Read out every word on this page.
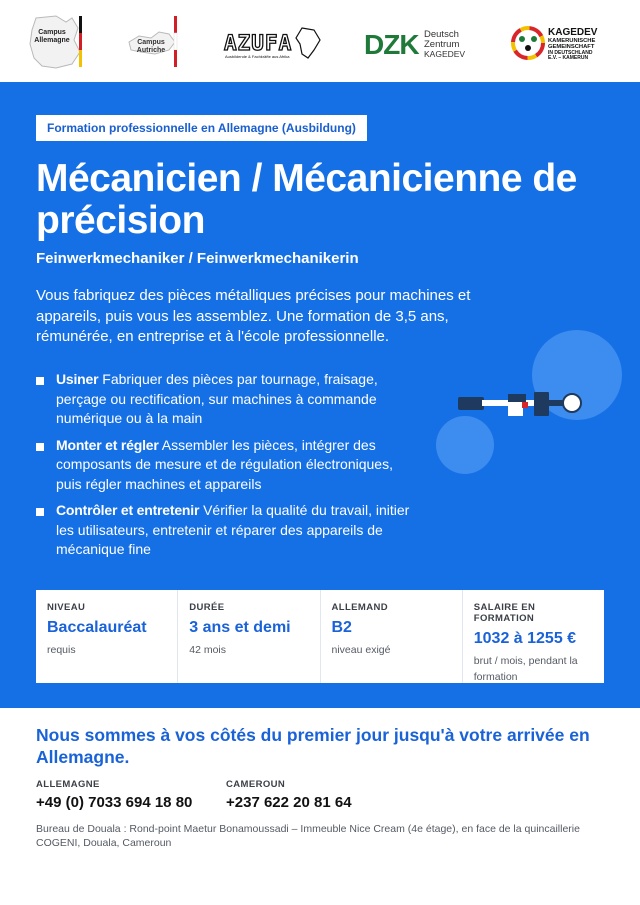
Campus
Allemagne	Campus
Autriche	AZUFA
Ausbildende & Fachkräfte aus Afrika	DZK Deutsch
Zentrum
KAGEDEV
KAGEDEV
KAMERUNISCHE
GEMEINSCHAFT
IN DEUTSCHLAND
E.V. – KAMERUN
Formation professionnelle en Allemagne (Ausbildung)
Mécanicien / Mécanicienne de précision
Feinwerkmechaniker / Feinwerkmechanikerin

Vous fabriquez des pièces métalliques précises pour machines et appareils, puis vous les assemblez. Une formation de 3,5 ans, rémunérée, en entreprise et à l'école professionnelle.

Usiner Fabriquer des pièces par tournage, fraisage, perçage ou rectification, sur machines à commande numérique ou à la main
Monter et régler Assembler les pièces, intégrer des composants de mesure et de régulation électroniques, puis régler machines et appareils
Contrôler et entretenir Vérifier la qualité du travail, initier les utilisateurs, entretenir et réparer des appareils de mécanique fine
NIVEAU
Baccalauréat
requis
DURÉE
3 ans et demi
42 mois
ALLEMAND
B2
niveau exigé
SALAIRE EN FORMATION
1032 à 1255 €
brut / mois, pendant la formation
Nous sommes à vos côtés du premier jour jusqu'à votre arrivée en Allemagne.
ALLEMAGNE
+49 (0) 7033 694 18 80
CAMEROUN
+237 622 20 81 64

Bureau de Douala : Rond-point Maetur Bonamoussadi – Immeuble Nice Cream (4e étage), en face de la quincaillerie COGENI, Douala, Cameroun
